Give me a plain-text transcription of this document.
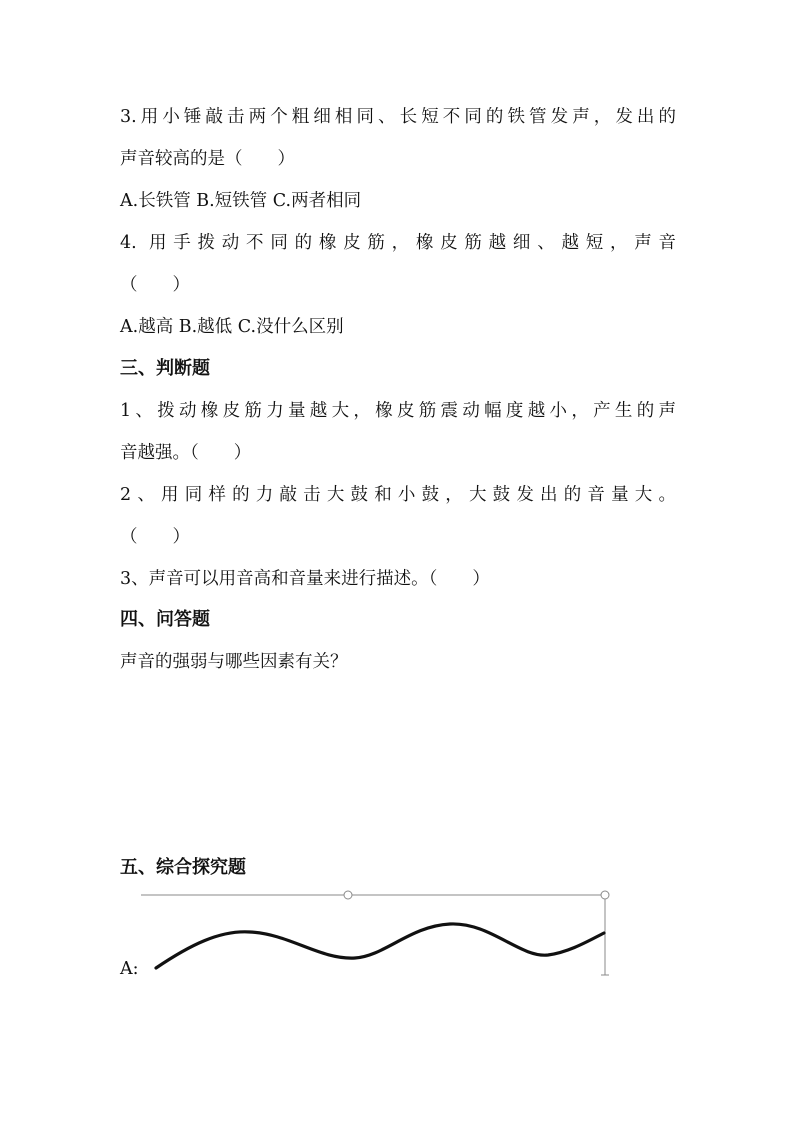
3.用小锤敲击两个粗细相同、长短不同的铁管发声，发出的
声音较高的是（　　）
A.长铁管 B.短铁管 C.两者相同
4. 用手拨动不同的橡皮筋，橡皮筋越细、越短，声音
（　　）
A.越高 B.越低 C.没什么区别
三、判断题
1、拨动橡皮筋力量越大，橡皮筋震动幅度越小，产生的声
音越强。（　　）
2、用同样的力敲击大鼓和小鼓，大鼓发出的音量大。
（　　）
3、声音可以用音高和音量来进行描述。（　　）
四、问答题
声音的强弱与哪些因素有关？
五、综合探究题
A:
